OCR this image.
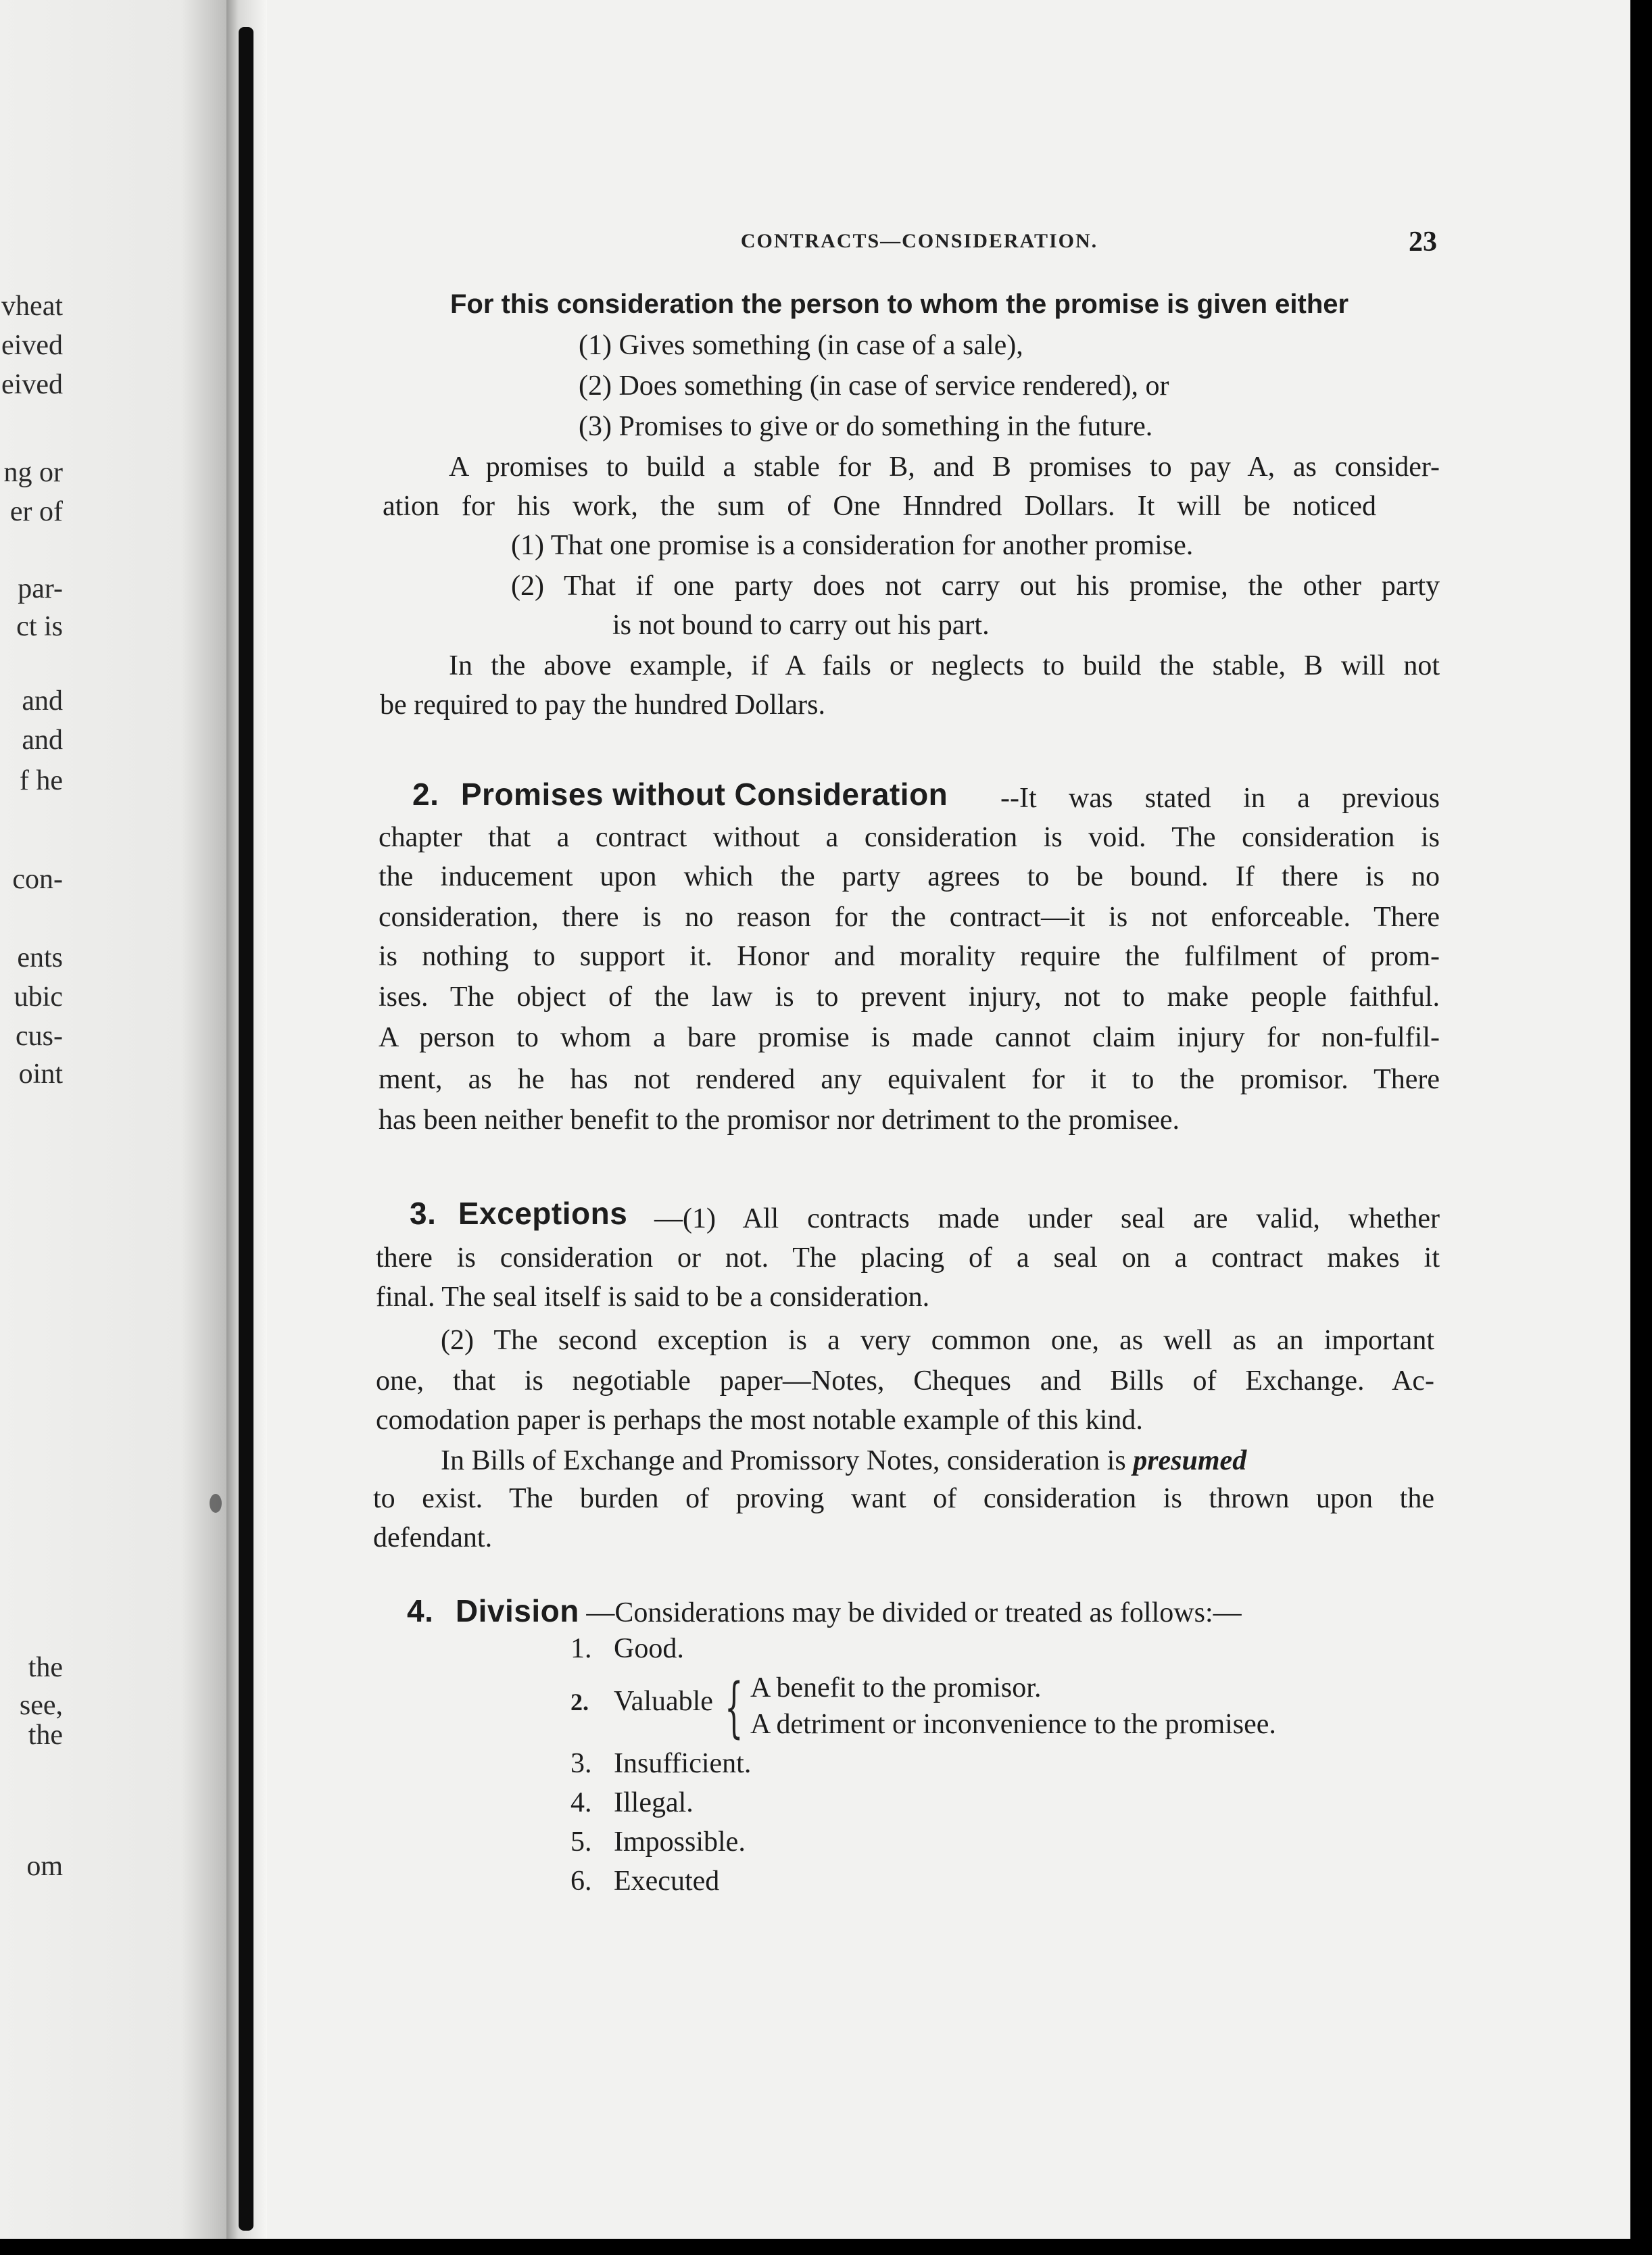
vheat
eived
eived
ng or
er of
par-
ct is
and
and
f he
con-
ents
ubic
cus-
oint
the
see,
the
om
CONTRACTS—CONSIDERATION.	23
For this consideration the person to whom the promise is given either
(1) Gives something (in case of a sale),
(2) Does something (in case of service rendered), or
(3) Promises to give or do something in the future.
A promises to build a stable for B, and B promises to pay A, as consider-
ation for his work, the sum of One Hnndred Dollars. It will be noticed
(1) That one promise is a consideration for another promise.
(2) That if one party does not carry out his promise, the other party
is not bound to carry out his part.
In the above example, if A fails or neglects to build the stable, B will not
be required to pay the hundred Dollars.
2. Promises without Consideration --It was stated in a previous
chapter that a contract without a consideration is void. The consideration is
the inducement upon which the party agrees to be bound. If there is no
consideration, there is no reason for the contract—it is not enforceable. There
is nothing to support it. Honor and morality require the fulfilment of prom-
ises. The object of the law is to prevent injury, not to make people faithful.
A person to whom a bare promise is made cannot claim injury for non-fulfil-
ment, as he has not rendered any equivalent for it to the promisor. There
has been neither benefit to the promisor nor detriment to the promisee.
3. Exceptions —(1) All contracts made under seal are valid, whether
there is consideration or not. The placing of a seal on a contract makes it
final. The seal itself is said to be a consideration.
(2) The second exception is a very common one, as well as an important
one, that is negotiable paper—Notes, Cheques and Bills of Exchange. Ac-
comodation paper is perhaps the most notable example of this kind.
In Bills of Exchange and Promissory Notes, consideration is presumed
to exist. The burden of proving want of consideration is thrown upon the
defendant.
4. Division —Considerations may be divided or treated as follows:—
1. Good.
2. Valuable { A benefit to the promisor.
A detriment or inconvenience to the promisee.
3. Insufficient.
4. Illegal.
5. Impossible.
6. Executed
